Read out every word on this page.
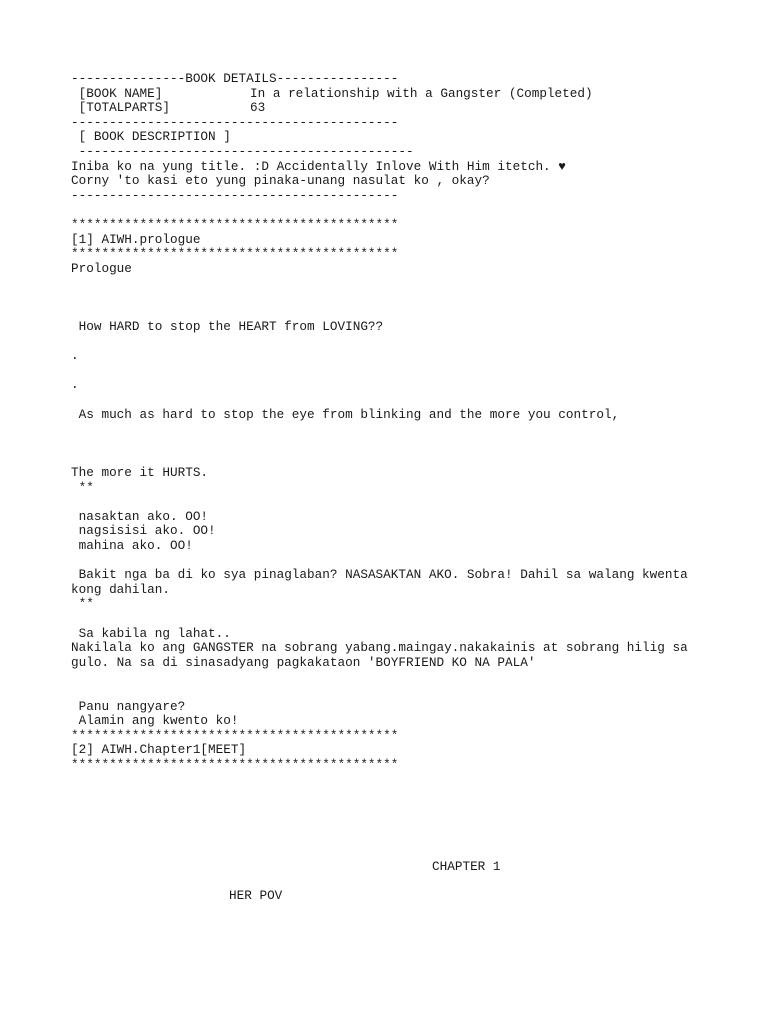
---------------BOOK DETAILS----------------
[BOOK NAME]	In a relationship with a Gangster (Completed)
[TOTALPARTS]	63
-------------------------------------------
[ BOOK DESCRIPTION ]
--------------------------------------------
Iniba ko na yung title. :D Accidentally Inlove With Him itetch. ♥
Corny 'to kasi eto yung pinaka-unang nasulat ko , okay?
-------------------------------------------
*******************************************
[1] AIWH.prologue
*******************************************
Prologue
How HARD to stop the HEART from LOVING??
.
.
As much as hard to stop the eye from blinking and the more you control,
The more it HURTS.
**
nasaktan ako. OO!
nagsisisi ako. OO!
mahina ako. OO!
Bakit nga ba di ko sya pinaglaban? NASASAKTAN AKO. Sobra! Dahil sa walang kwenta kong dahilan.
**
Sa kabila ng lahat..
Nakilala ko ang GANGSTER na sobrang yabang.maingay.nakakainis at sobrang hilig sa gulo. Na sa di sinasadyang pagkakataon 'BOYFRIEND KO NA PALA'
Panu nangyare?
Alamin ang kwento ko!
*******************************************
[2] AIWH.Chapter1[MEET]
*******************************************
CHAPTER 1
HER POV
